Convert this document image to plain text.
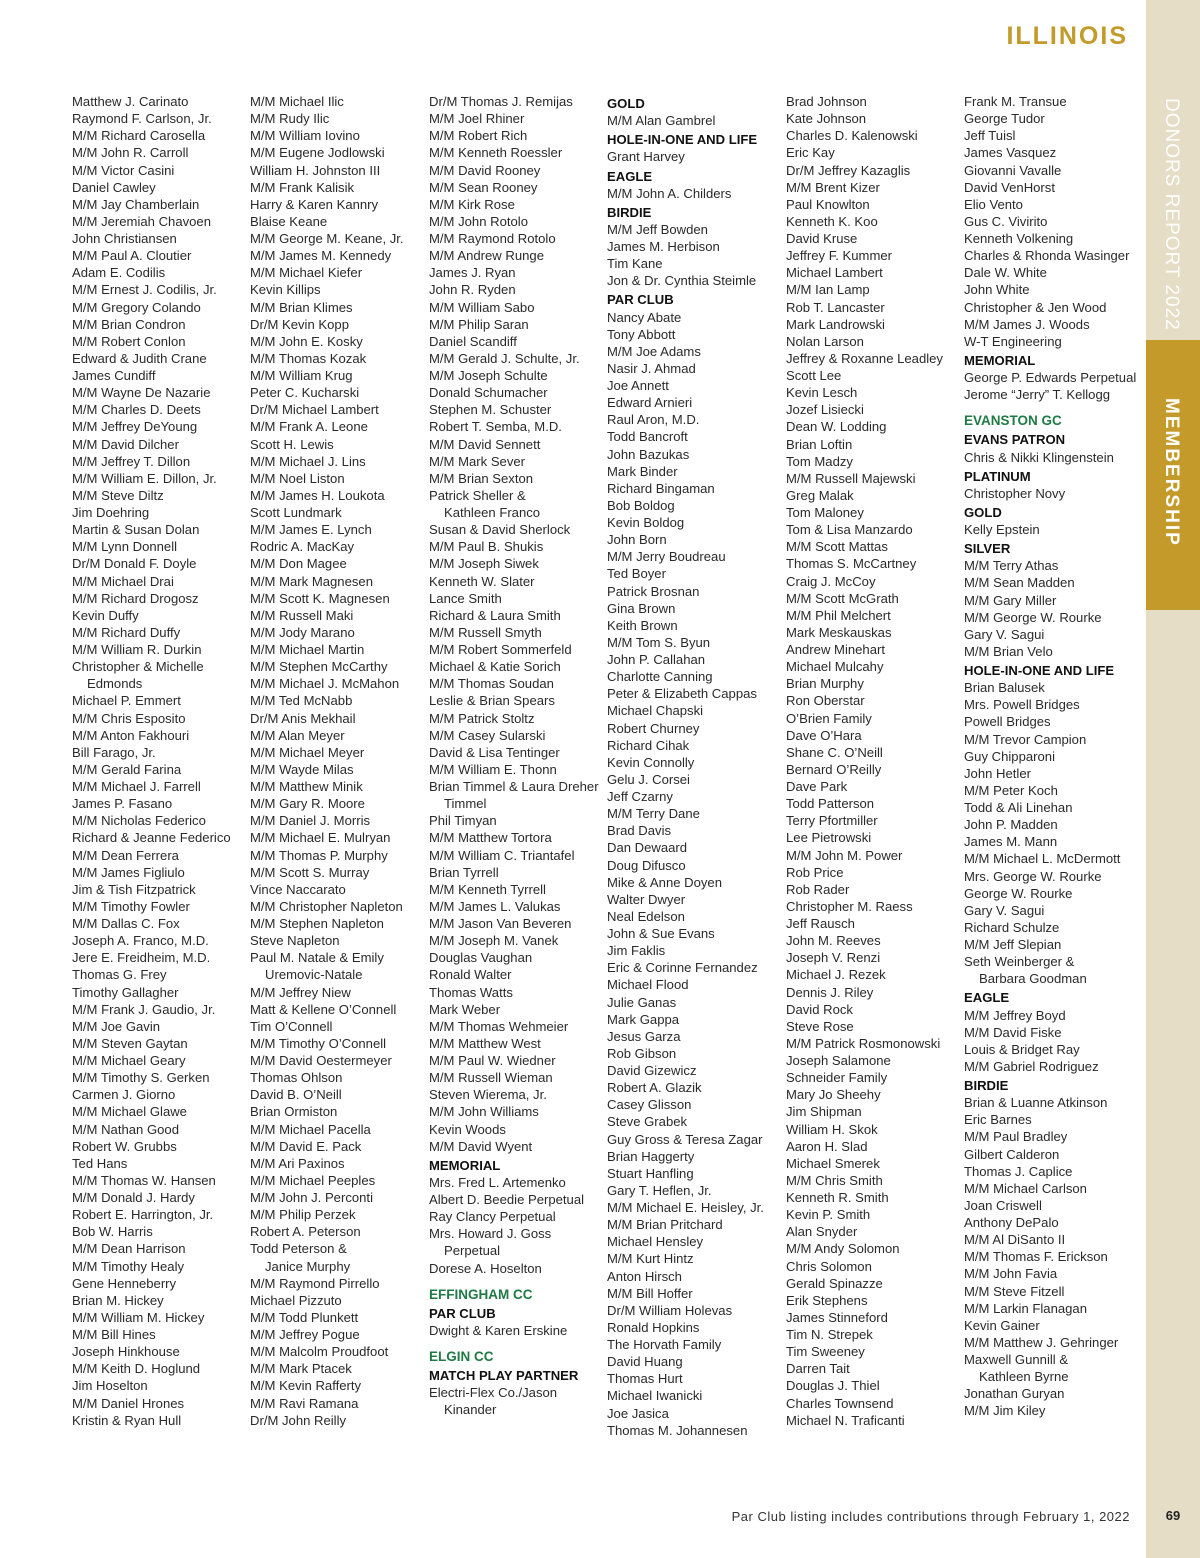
DONORS REPORT 2022
MEMBERSHIP
ILLINOIS
Matthew J. Carinato
Raymond F. Carlson, Jr.
M/M Richard Carosella
M/M John R. Carroll
M/M Victor Casini
Daniel Cawley
M/M Jay Chamberlain
M/M Jeremiah Chavoen
John Christiansen
M/M Paul A. Cloutier
Adam E. Codilis
M/M Ernest J. Codilis, Jr.
M/M Gregory Colando
M/M Brian Condron
M/M Robert Conlon
Edward & Judith Crane
James Cundiff
M/M Wayne De Nazarie
M/M Charles D. Deets
M/M Jeffrey DeYoung
M/M David Dilcher
M/M Jeffrey T. Dillon
M/M William E. Dillon, Jr.
M/M Steve Diltz
Jim Doehring
Martin & Susan Dolan
M/M Lynn Donnell
Dr/M Donald F. Doyle
M/M Michael Drai
M/M Richard Drogosz
Kevin Duffy
M/M Richard Duffy
M/M William R. Durkin
Christopher & Michelle
Edmonds
Michael P. Emmert
M/M Chris Esposito
M/M Anton Fakhouri
Bill Farago, Jr.
M/M Gerald Farina
M/M Michael J. Farrell
James P. Fasano
M/M Nicholas Federico
Richard & Jeanne Federico
M/M Dean Ferrera
M/M James Figliulo
Jim & Tish Fitzpatrick
M/M Timothy Fowler
M/M Dallas C. Fox
Joseph A. Franco, M.D.
Jere E. Freidheim, M.D.
Thomas G. Frey
Timothy Gallagher
M/M Frank J. Gaudio, Jr.
M/M Joe Gavin
M/M Steven Gaytan
M/M Michael Geary
M/M Timothy S. Gerken
Carmen J. Giorno
M/M Michael Glawe
M/M Nathan Good
Robert W. Grubbs
Ted Hans
M/M Thomas W. Hansen
M/M Donald J. Hardy
Robert E. Harrington, Jr.
Bob W. Harris
M/M Dean Harrison
M/M Timothy Healy
Gene Henneberry
Brian M. Hickey
M/M William M. Hickey
M/M Bill Hines
Joseph Hinkhouse
M/M Keith D. Hoglund
Jim Hoselton
M/M Daniel Hrones
Kristin & Ryan Hull
M/M Michael Ilic
M/M Rudy Ilic
M/M William Iovino
M/M Eugene Jodlowski
William H. Johnston III
M/M Frank Kalisik
Harry & Karen Kannry
Blaise Keane
M/M George M. Keane, Jr.
M/M James M. Kennedy
M/M Michael Kiefer
Kevin Killips
M/M Brian Klimes
Dr/M Kevin Kopp
M/M John E. Kosky
M/M Thomas Kozak
M/M William Krug
Peter C. Kucharski
Dr/M Michael Lambert
M/M Frank A. Leone
Scott H. Lewis
M/M Michael J. Lins
M/M Noel Liston
M/M James H. Loukota
Scott Lundmark
M/M James E. Lynch
Rodric A. MacKay
M/M Don Magee
M/M Mark Magnesen
M/M Scott K. Magnesen
M/M Russell Maki
M/M Jody Marano
M/M Michael Martin
M/M Stephen McCarthy
M/M Michael J. McMahon
M/M Ted McNabb
Dr/M Anis Mekhail
M/M Alan Meyer
M/M Michael Meyer
M/M Wayde Milas
M/M Matthew Minik
M/M Gary R. Moore
M/M Daniel J. Morris
M/M Michael E. Mulryan
M/M Thomas P. Murphy
M/M Scott S. Murray
Vince Naccarato
M/M Christopher Napleton
M/M Stephen Napleton
Steve Napleton
Paul M. Natale & Emily
Uremovic-Natale
M/M Jeffrey Niew
Matt & Kellene O’Connell
Tim O’Connell
M/M Timothy O’Connell
M/M David Oestermeyer
Thomas Ohlson
David B. O’Neill
Brian Ormiston
M/M Michael Pacella
M/M David E. Pack
M/M Ari Paxinos
M/M Michael Peeples
M/M John J. Perconti
M/M Philip Perzek
Robert A. Peterson
Todd Peterson &
Janice Murphy
M/M Raymond Pirrello
Michael Pizzuto
M/M Todd Plunkett
M/M Jeffrey Pogue
M/M Malcolm Proudfoot
M/M Mark Ptacek
M/M Kevin Rafferty
M/M Ravi Ramana
Dr/M John Reilly
Dr/M Thomas J. Remijas
M/M Joel Rhiner
M/M Robert Rich
M/M Kenneth Roessler
M/M David Rooney
M/M Sean Rooney
M/M Kirk Rose
M/M John Rotolo
M/M Raymond Rotolo
M/M Andrew Runge
James J. Ryan
John R. Ryden
M/M William Sabo
M/M Philip Saran
Daniel Scandiff
M/M Gerald J. Schulte, Jr.
M/M Joseph Schulte
Donald Schumacher
Stephen M. Schuster
Robert T. Semba, M.D.
M/M David Sennett
M/M Mark Sever
M/M Brian Sexton
Patrick Sheller &
Kathleen Franco
Susan & David Sherlock
M/M Paul B. Shukis
M/M Joseph Siwek
Kenneth W. Slater
Lance Smith
Richard & Laura Smith
M/M Russell Smyth
M/M Robert Sommerfeld
Michael & Katie Sorich
M/M Thomas Soudan
Leslie & Brian Spears
M/M Patrick Stoltz
M/M Casey Sularski
David & Lisa Tentinger
M/M William E. Thonn
Brian Timmel & Laura Dreher
Timmel
Phil Timyan
M/M Matthew Tortora
M/M William C. Triantafel
Brian Tyrrell
M/M Kenneth Tyrrell
M/M James L. Valukas
M/M Jason Van Beveren
M/M Joseph M. Vanek
Douglas Vaughan
Ronald Walter
Thomas Watts
Mark Weber
M/M Thomas Wehmeier
M/M Matthew West
M/M Paul W. Wiedner
M/M Russell Wieman
Steven Wierema, Jr.
M/M John Williams
Kevin Woods
M/M David Wyent
MEMORIAL
Mrs. Fred L. Artemenko
Albert D. Beedie Perpetual
Ray Clancy Perpetual
Mrs. Howard J. Goss
Perpetual
Dorese A. Hoselton
EFFINGHAM CC
PAR CLUB
Dwight & Karen Erskine
ELGIN CC
MATCH PLAY PARTNER
Electri-Flex Co./Jason
Kinander
GOLD
M/M Alan Gambrel
HOLE-IN-ONE AND LIFE
Grant Harvey
EAGLE
M/M John A. Childers
BIRDIE
M/M Jeff Bowden
James M. Herbison
Tim Kane
Jon & Dr. Cynthia Steimle
PAR CLUB
Nancy Abate
Tony Abbott
M/M Joe Adams
Nasir J. Ahmad
Joe Annett
Edward Arnieri
Raul Aron, M.D.
Todd Bancroft
John Bazukas
Mark Binder
Richard Bingaman
Bob Boldog
Kevin Boldog
John Born
M/M Jerry Boudreau
Ted Boyer
Patrick Brosnan
Gina Brown
Keith Brown
M/M Tom S. Byun
John P. Callahan
Charlotte Canning
Peter & Elizabeth Cappas
Michael Chapski
Robert Churney
Richard Cihak
Kevin Connolly
Gelu J. Corsei
Jeff Czarny
M/M Terry Dane
Brad Davis
Dan Dewaard
Doug Difusco
Mike & Anne Doyen
Walter Dwyer
Neal Edelson
John & Sue Evans
Jim Faklis
Eric & Corinne Fernandez
Michael Flood
Julie Ganas
Mark Gappa
Jesus Garza
Rob Gibson
David Gizewicz
Robert A. Glazik
Casey Glisson
Steve Grabek
Guy Gross & Teresa Zagar
Brian Haggerty
Stuart Hanfling
Gary T. Heflen, Jr.
M/M Michael E. Heisley, Jr.
M/M Brian Pritchard
Michael Hensley
M/M Kurt Hintz
Anton Hirsch
M/M Bill Hoffer
Dr/M William Holevas
Ronald Hopkins
The Horvath Family
David Huang
Thomas Hurt
Michael Iwanicki
Joe Jasica
Thomas M. Johannesen
Brad Johnson
Kate Johnson
Charles D. Kalenowski
Eric Kay
Dr/M Jeffrey Kazaglis
M/M Brent Kizer
Paul Knowlton
Kenneth K. Koo
David Kruse
Jeffrey F. Kummer
Michael Lambert
M/M Ian Lamp
Rob T. Lancaster
Mark Landrowski
Nolan Larson
Jeffrey & Roxanne Leadley
Scott Lee
Kevin Lesch
Jozef Lisiecki
Dean W. Lodding
Brian Loftin
Tom Madzy
M/M Russell Majewski
Greg Malak
Tom Maloney
Tom & Lisa Manzardo
M/M Scott Mattas
Thomas S. McCartney
Craig J. McCoy
M/M Scott McGrath
M/M Phil Melchert
Mark Meskauskas
Andrew Minehart
Michael Mulcahy
Brian Murphy
Ron Oberstar
O’Brien Family
Dave O’Hara
Shane C. O’Neill
Bernard O’Reilly
Dave Park
Todd Patterson
Terry Pfortmiller
Lee Pietrowski
M/M John M. Power
Rob Price
Rob Rader
Christopher M. Raess
Jeff Rausch
John M. Reeves
Joseph V. Renzi
Michael J. Rezek
Dennis J. Riley
David Rock
Steve Rose
M/M Patrick Rosmonowski
Joseph Salamone
Schneider Family
Mary Jo Sheehy
Jim Shipman
William H. Skok
Aaron H. Slad
Michael Smerek
M/M Chris Smith
Kenneth R. Smith
Kevin P. Smith
Alan Snyder
M/M Andy Solomon
Chris Solomon
Gerald Spinazze
Erik Stephens
James Stinneford
Tim N. Strepek
Tim Sweeney
Darren Tait
Douglas J. Thiel
Charles Townsend
Michael N. Traficanti
Frank M. Transue
George Tudor
Jeff Tuisl
James Vasquez
Giovanni Vavalle
David VenHorst
Elio Vento
Gus C. Vivirito
Kenneth Volkening
Charles & Rhonda Wasinger
Dale W. White
John White
Christopher & Jen Wood
M/M James J. Woods
W-T Engineering
MEMORIAL
George P. Edwards Perpetual
Jerome “Jerry” T. Kellogg
EVANSTON GC
EVANS PATRON
Chris & Nikki Klingenstein
PLATINUM
Christopher Novy
GOLD
Kelly Epstein
SILVER
M/M Terry Athas
M/M Sean Madden
M/M Gary Miller
M/M George W. Rourke
Gary V. Sagui
M/M Brian Velo
HOLE-IN-ONE AND LIFE
Brian Balusek
Mrs. Powell Bridges
Powell Bridges
M/M Trevor Campion
Guy Chipparoni
John Hetler
M/M Peter Koch
Todd & Ali Linehan
John P. Madden
James M. Mann
M/M Michael L. McDermott
Mrs. George W. Rourke
George W. Rourke
Gary V. Sagui
Richard Schulze
M/M Jeff Slepian
Seth Weinberger &
Barbara Goodman
EAGLE
M/M Jeffrey Boyd
M/M David Fiske
Louis & Bridget Ray
M/M Gabriel Rodriguez
BIRDIE
Brian & Luanne Atkinson
Eric Barnes
M/M Paul Bradley
Gilbert Calderon
Thomas J. Caplice
M/M Michael Carlson
Joan Criswell
Anthony DePalo
M/M Al DiSanto II
M/M Thomas F. Erickson
M/M John Favia
M/M Steve Fitzell
M/M Larkin Flanagan
Kevin Gainer
M/M Matthew J. Gehringer
Maxwell Gunnill &
Kathleen Byrne
Jonathan Guryan
M/M Jim Kiley
Par Club listing includes contributions through February 1, 2022	69
